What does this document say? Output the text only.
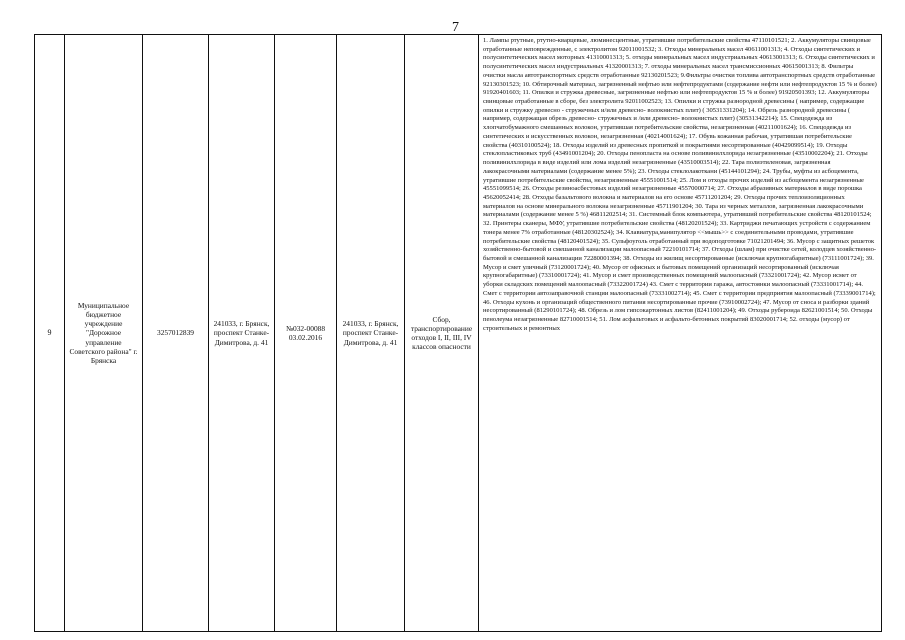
7
9	Муниципальное бюджетное учреждение "Дорожное управление Советского района" г. Брянска	3257012839	241033, г. Брянск, проспект Станке-Димитрова, д. 41	№032-00088 03.02.2016	241033, г. Брянск, проспект Станке-Димитрова, д. 41	Сбор, транспортирование отходов I, II, III, IV классов опасности	1. Лампы ртутные, ртутно-кварцевые, люминесцентные, утратившие потребительские свойства 47110101521; 2. Аккумуляторы свинцовые отработанные неповрежденные, с электролитом 92011001532; 3. Отходы минеральных масел 40611001313; 4. Отходы синтетических и полусинтетических масел моторных 41310001313; 5. отходы минеральных масел индустриальных 40613001313; 6. Отходы синтетических и полусинтетических масел индустриальных 41320001313; 7. отходы минеральных масел трансмиссионных 40615001313; 8. Фильтры очистки масла автотранспортных средств отработанные 92130201523; 9.Фильтры очистки топлива автотранспортных средств отработанные 92130301523; 10. Обтирочный материал, загрязненный нефтью или нефтепродуктами (содержание нефти или нефтепродуктов 15 % и более) 91920401603; 11. Опилки и стружка древесные, загрязненные нефтью или нефтепродуктов 15 % и более) 91920501393; 12. Аккумуляторы свинцовые отработанные в сборе, без электролита 92011002523; 13. Опилки и стружка разнородной древесины ( например, содержащие опилки и стружку древесно - стружечных и/или древесно- волокнистых плит) ( 30531331204); 14. Обрезь разнородной древесины ( например, содержащая обрезь древесно- стружечных и /или древесно- волокнистых плит) (30531342214); 15. Спецодежда из хлопчатобумажного смешанных волокон, утратившая потребительские свойства, незагрязненная (40211001624); 16. Спецодежда из синтетических и искусственных волокон, незагрязненная (40214001624); 17. Обувь кожанная рабочая, утратившая потребительские свойства (40310100524); 18. Отходы изделий из древесных пропиткой и покрытиями несортированные (40429099514); 19. Отходы стеклопластиковых труб (43491001204); 20. Отходы пенопласта на основе поливинилхлорида незагрязненные (43510002204); 21. Отходы поливинилхлорида в виде изделий или лома изделий незагрязненные (43510003514); 22. Тара полиэтиленовая, загрязненная лакокрасочными материалами (содержание менее 5%); 23. Отходы стеклолакоткани (45144101294); 24. Трубы, муфты из асбоцемента, утратившие потребительские свойства, незагрязненные 45551001514; 25. Лом и отходы прочих изделий из асбоцемента незагрязненные 45551099514; 26. Отходы резиноасбестовых изделий незагрязненные 45570000714; 27. Отходы абразивных материалов в виде порошка 45620052414; 28. Отходы базальтового волокна и материалов на его основе 45711201204; 29. Отходы прочих теплоизоляционных материалов на основе минерального волокна незагрязненные 45711901204; 30. Тара из черных металлов, загрязненная лакокрасочными материалами (содержание менее 5 %) 46811202514; 31. Системный блок компьютера, утративший потребительские свойства 48120101524; 32. Принтеры сканеры, МФУ, утратившие потребительские свойства (48120201524); 33. Картриджи печатающих устройств с содержанием тонера менее 7% отработанные (48120302524); 34. Клавиатура,манипулятор <<мышь>> с соединительными проводами, утратившие потребительские свойства (48120401524); 35. Сульфоуголь отработанный при водоподготовке 71021201494; 36. Мусор с защитных решеток хозяйственно-бытовой и смешанной канализации малоопасный 72210101714; 37. Отходы (шлам) при очистке сетей, колодцев хозяйственно-бытовой и смешанной канализации 72280001394; 38. Отходы из жилищ несортированные (исключая крупногабаритные) (73111001724); 39. Мусор и смет уличный (73120001724); 40. Мусор от офисных и бытовых помещений организаций несортированный (исключая крупногабаритные) (73310001724); 41. Мусор и смет производственных помещений малоопасный (73321001724); 42. Мусор исмет от уборки складских помещений малоопасный (73322001724) 43. Смет с территории гаража, автостоянки малоопасный (73331001714); 44. Смет с территории автозаправочной станции малоопасный (73331002714); 45. Смет с территории предприятия малоопасный (73339001714); 46. Отходы кухонь и организаций общественного питания несортированные прочие (73910002724); 47. Мусор от сноса и разборки зданий несортированный (81290101724); 48. Обрезь и лом гипсокартонных листов (82411001204); 49. Отходы рубероида 82621001514; 50. Отходы пенолеума незагрязненные 82710001514; 51. Лом асфальтовых и асфальто-бетонных покрытий 83020001714; 52. отходы (мусор) от строительных и ремонтных
